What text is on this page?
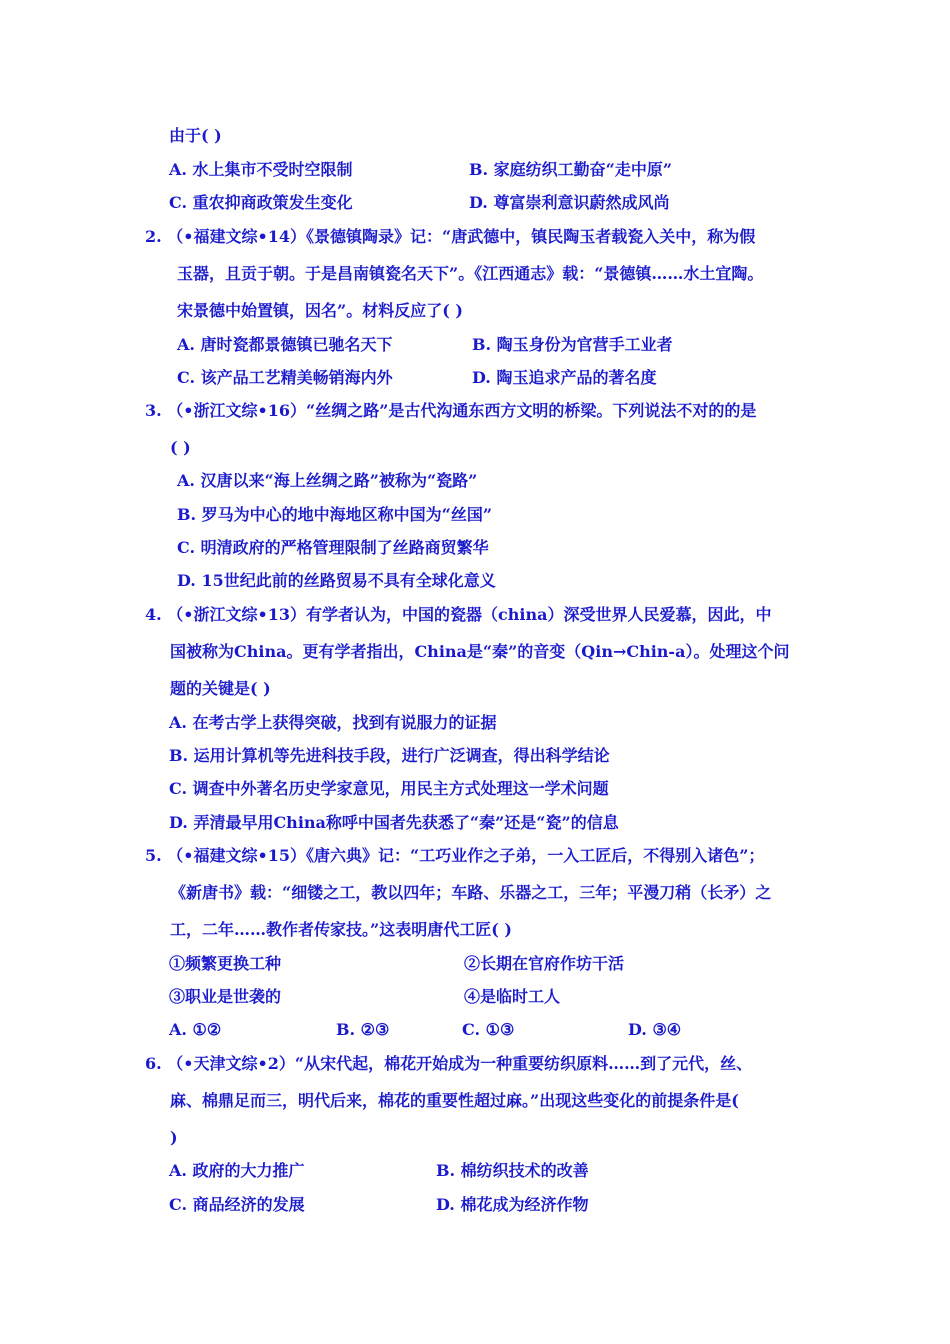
由于( )
A. 水上集市不受时空限制	B. 家庭纺织工勤奋“走中原”
C. 重农抑商政策发生变化	D. 尊富崇利意识蔚然成风尚
2. （•福建文综•14）《景德镇陶录》记：“唐武德中，镇民陶玉者载瓷入关中，称为假
玉器，且贡于朝。于是昌南镇瓷名天下”。《江西通志》载：“景德镇……水土宜陶。
宋景德中始置镇，因名”。材料反应了( )
A. 唐时瓷都景德镇已驰名天下	B. 陶玉身份为官营手工业者
C. 该产品工艺精美畅销海内外	D. 陶玉追求产品的著名度
3. （•浙江文综•16）“丝绸之路”是古代沟通东西方文明的桥梁。下列说法不对的的是
( )
A. 汉唐以来“海上丝绸之路”被称为“瓷路”
B. 罗马为中心的地中海地区称中国为“丝国”
C. 明清政府的严格管理限制了丝路商贸繁华
D. 15世纪此前的丝路贸易不具有全球化意义
4. （•浙江文综•13）有学者认为，中国的瓷器（china）深受世界人民爱慕，因此，中
国被称为China。更有学者指出，China是“秦”的音变（Qin→Chin-a）。处理这个问
题的关键是( )
A. 在考古学上获得突破，找到有说服力的证据
B. 运用计算机等先进科技手段，进行广泛调查，得出科学结论
C. 调查中外著名历史学家意见，用民主方式处理这一学术问题
D. 弄清最早用China称呼中国者先获悉了“秦”还是“瓷”的信息
5. （•福建文综•15）《唐六典》记：“工巧业作之子弟，一入工匠后，不得别入诸色”；
《新唐书》载：“细镂之工，教以四年；车路、乐器之工，三年；平漫刀稍（长矛）之
工，二年……教作者传家技。”这表明唐代工匠( )
①频繁更换工种	②长期在官府作坊干活
③职业是世袭的	④是临时工人
A. ①②	B. ②③	C. ①③	D. ③④
6. （•天津文综•2）“从宋代起，棉花开始成为一种重要纺织原料……到了元代，丝、
麻、棉鼎足而三，明代后来，棉花的重要性超过麻。”出现这些变化的前提条件是(
)
A. 政府的大力推广	B. 棉纺织技术的改善
C. 商品经济的发展	D. 棉花成为经济作物
